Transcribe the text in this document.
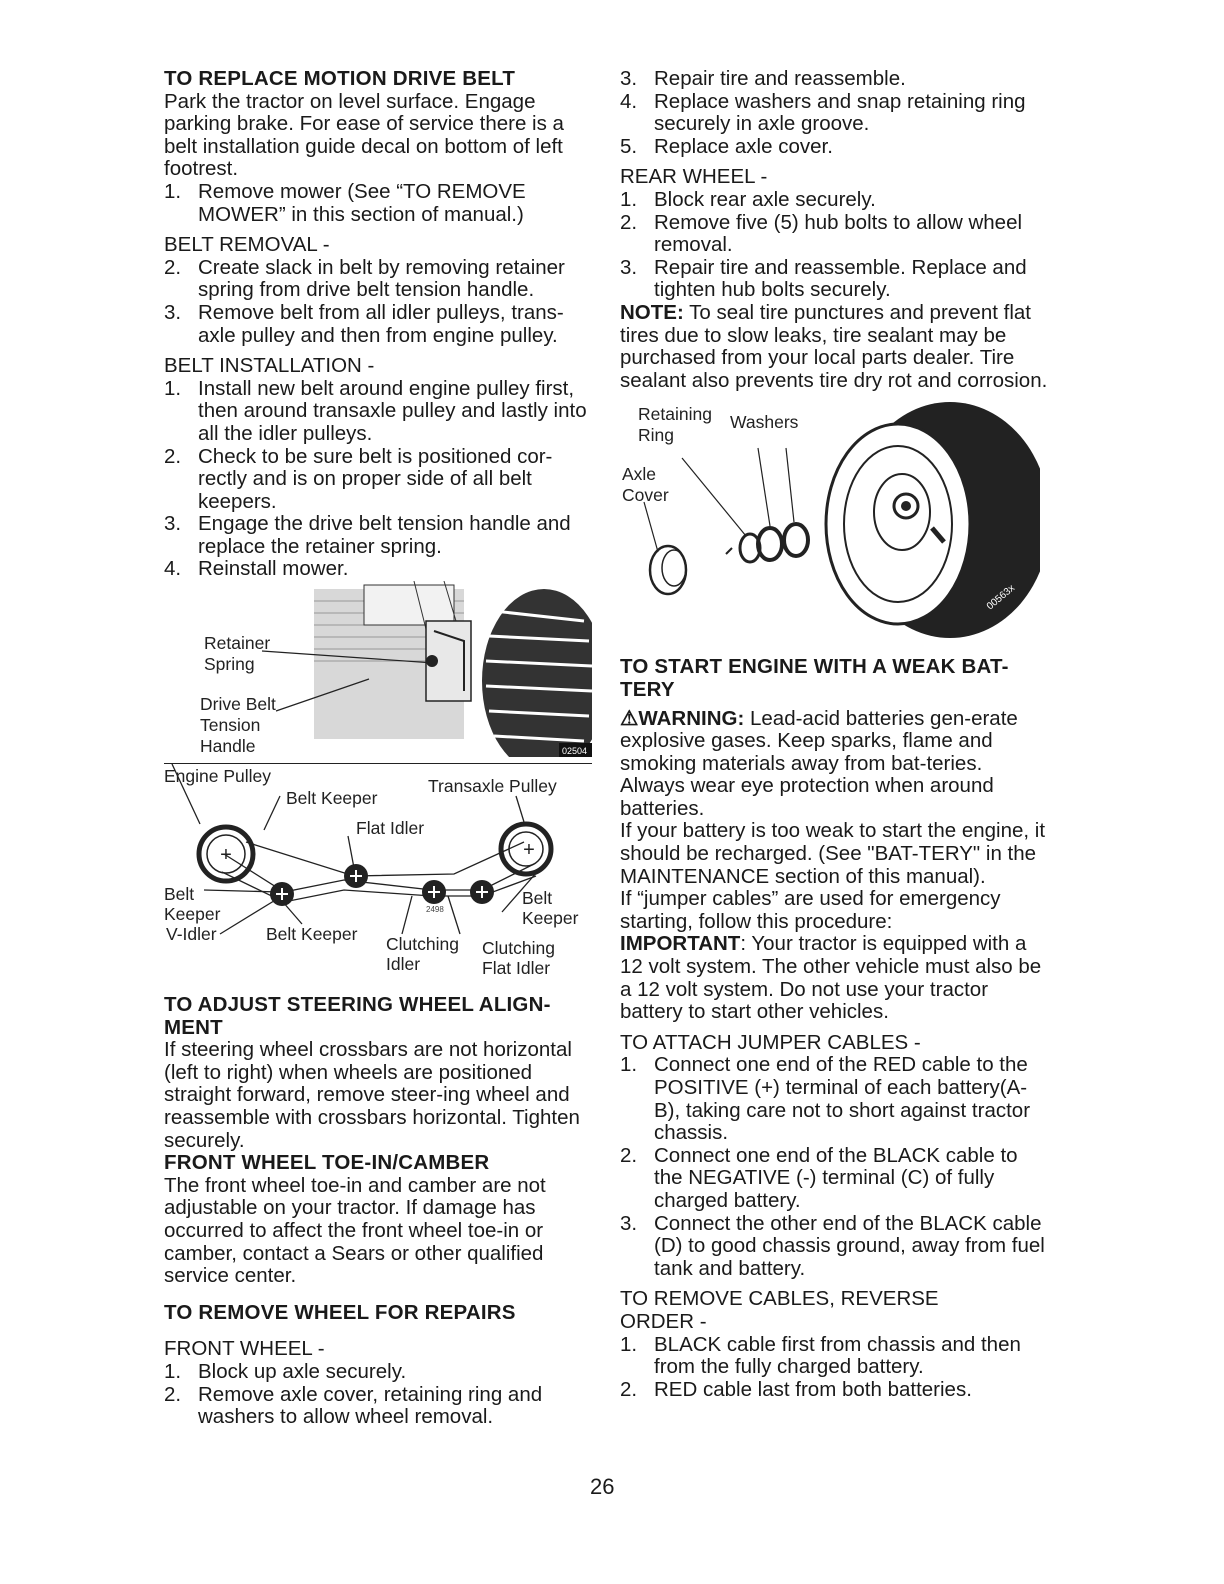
TO REPLACE MOTION DRIVE BELT

Park the tractor on level surface. Engage parking brake. For ease of service there is a belt installation guide decal on bottom of left footrest.

1. Remove mower (See “TO REMOVE MOWER” in this section of manual.)

BELT REMOVAL -

2. Create slack in belt by removing retainer spring from drive belt tension handle.
3. Remove belt from all idler pulleys, trans-axle pulley and then from engine pulley.

BELT INSTALLATION -

1. Install new belt around engine pulley first, then around transaxle pulley and lastly into all the idler pulleys.
2. Check to be sure belt is positioned cor-rectly and is on proper side of all belt keepers.
3. Engage the drive belt tension handle and replace the retainer spring.
4. Reinstall mower.
02504
Retainer
Spring
Drive Belt
Tension
Handle
+	+
2498
Engine Pulley
Belt Keeper
Transaxle Pulley
Flat Idler
Belt
Keeper
V-Idler	Belt Keeper Clutching
Idler
Clutching
Flat Idler
Belt
Keeper
TO ADJUST STEERING WHEEL ALIGN-
MENT

If steering wheel crossbars are not horizontal (left to right) when wheels are positioned straight forward, remove steer-ing wheel and reassemble with crossbars horizontal. Tighten securely.

FRONT WHEEL TOE-IN/CAMBER

The front wheel toe-in and camber are not adjustable on your tractor. If damage has occurred to affect the front wheel toe-in or camber, contact a Sears or other qualified service center.

TO REMOVE WHEEL FOR REPAIRS

FRONT WHEEL -

1. Block up axle securely.
2. Remove axle cover, retaining ring and washers to allow wheel removal.
3. Repair tire and reassemble.
4. Replace washers and snap retaining ring securely in axle groove.
5. Replace axle cover.

REAR WHEEL -

1. Block rear axle securely.
2. Remove five (5) hub bolts to allow wheel removal.
3. Repair tire and reassemble. Replace and tighten hub bolts securely.

NOTE: To seal tire punctures and prevent flat tires due to slow leaks, tire sealant may be purchased from your local parts dealer. Tire sealant also prevents tire dry rot and corrosion.

00563x
Retaining
Ring
Washers
Axle
Cover
TO START ENGINE WITH A WEAK BAT-
TERY

⚠WARNING: Lead-acid batteries gen-erate explosive gases. Keep sparks, flame and smoking materials away from bat-teries. Always wear eye protection when around batteries.

If your battery is too weak to start the engine, it should be recharged. (See "BAT-TERY" in the MAINTENANCE section of this manual).

If “jumper cables” are used for emergency starting, follow this procedure:

IMPORTANT: Your tractor is equipped with a 12 volt system. The other vehicle must also be a 12 volt system. Do not use your tractor battery to start other vehicles.

TO ATTACH JUMPER CABLES -

1. Connect one end of the RED cable to the POSITIVE (+) terminal of each battery(A-B), taking care not to short against tractor chassis.
2. Connect one end of the BLACK cable to the NEGATIVE (-) terminal (C) of fully charged battery.
3. Connect the other end of the BLACK cable (D) to good chassis ground, away from fuel tank and battery.

TO REMOVE CABLES, REVERSE
ORDER -

1. BLACK cable first from chassis and then from the fully charged battery.
2. RED cable last from both batteries.
26
